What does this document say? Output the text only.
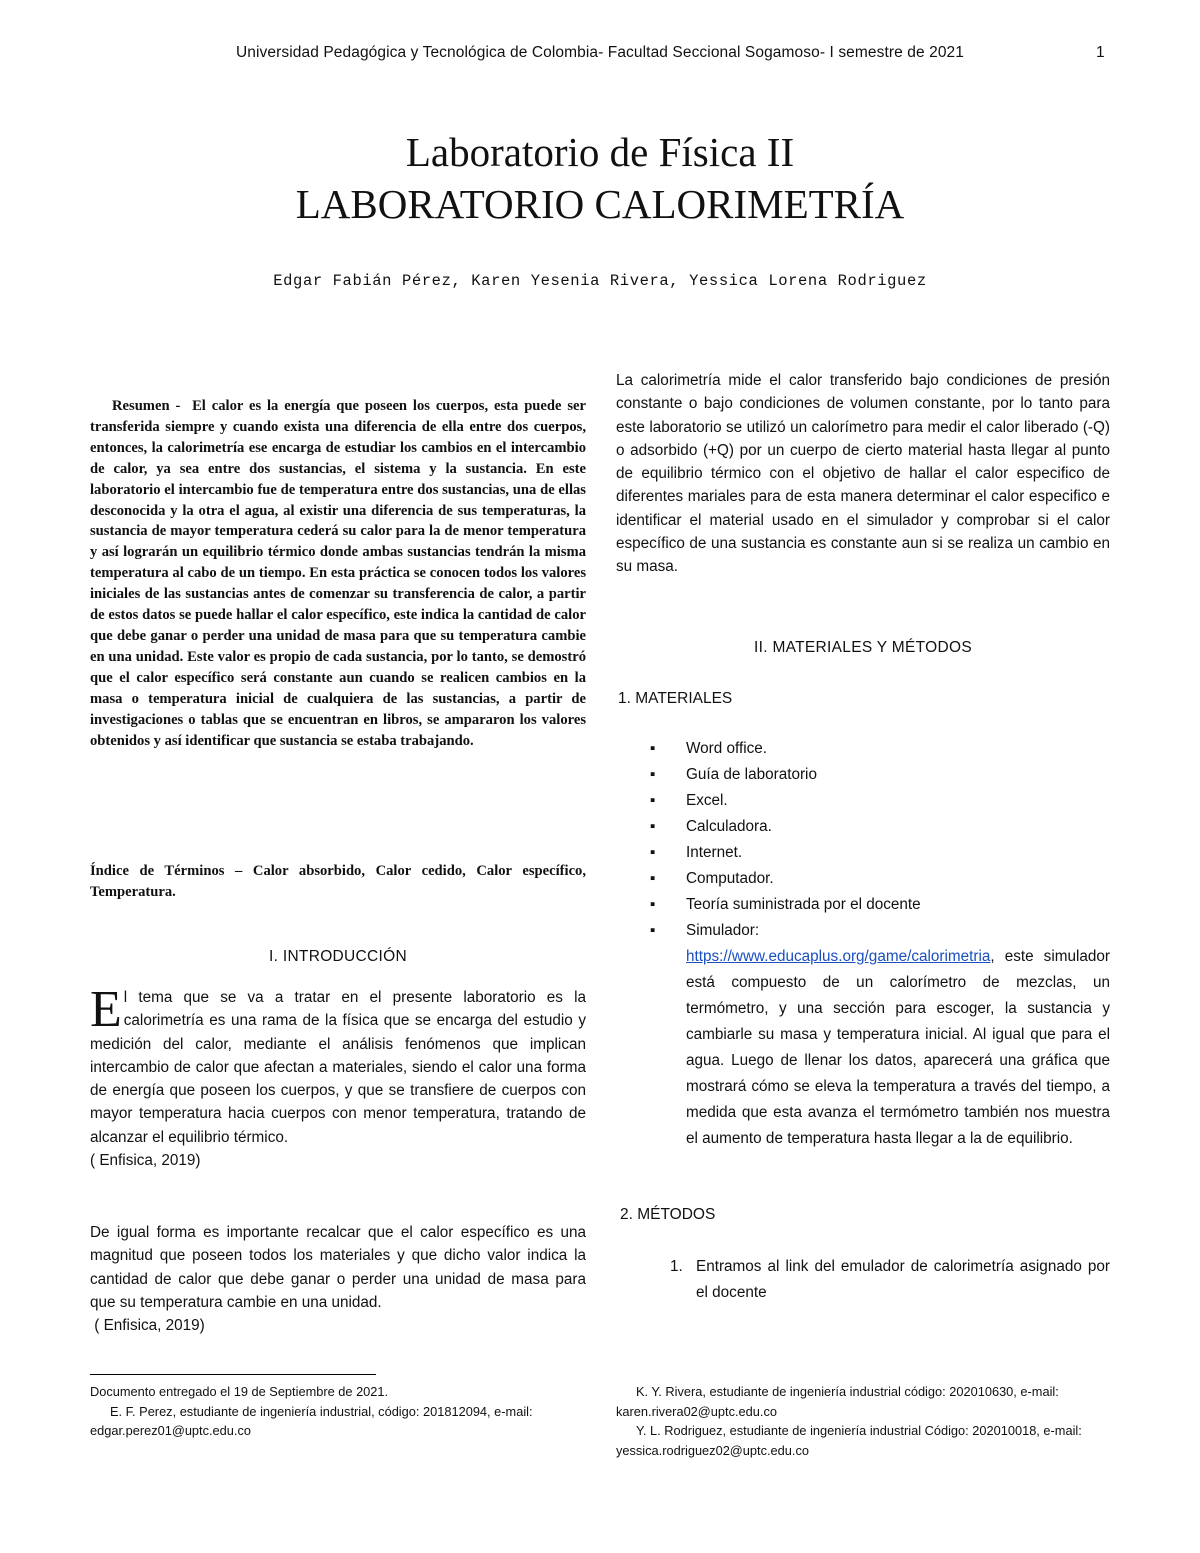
Universidad Pedagógica y Tecnológica de Colombia- Facultad Seccional Sogamoso- I semestre de 2021	1
Laboratorio de Física II
LABORATORIO CALORIMETRÍA
Edgar Fabián Pérez, Karen Yesenia Rivera, Yessica Lorena Rodriguez
Resumen - El calor es la energía que poseen los cuerpos, esta puede ser transferida siempre y cuando exista una diferencia de ella entre dos cuerpos, entonces, la calorimetría ese encarga de estudiar los cambios en el intercambio de calor, ya sea entre dos sustancias, el sistema y la sustancia. En este laboratorio el intercambio fue de temperatura entre dos sustancias, una de ellas desconocida y la otra el agua, al existir una diferencia de sus temperaturas, la sustancia de mayor temperatura cederá su calor para la de menor temperatura y así lograrán un equilibrio térmico donde ambas sustancias tendrán la misma temperatura al cabo de un tiempo. En esta práctica se conocen todos los valores iniciales de las sustancias antes de comenzar su transferencia de calor, a partir de estos datos se puede hallar el calor específico, este indica la cantidad de calor que debe ganar o perder una unidad de masa para que su temperatura cambie en una unidad. Este valor es propio de cada sustancia, por lo tanto, se demostró que el calor específico será constante aun cuando se realicen cambios en la masa o temperatura inicial de cualquiera de las sustancias, a partir de investigaciones o tablas que se encuentran en libros, se ampararon los valores obtenidos y así identificar que sustancia se estaba trabajando.
Índice de Términos – Calor absorbido, Calor cedido, Calor específico, Temperatura.
I. INTRODUCCIÓN
El tema que se va a tratar en el presente laboratorio es la calorimetría es una rama de la física que se encarga del estudio y medición del calor, mediante el análisis fenómenos que implican intercambio de calor que afectan a materiales, siendo el calor una forma de energía que poseen los cuerpos, y que se transfiere de cuerpos con mayor temperatura hacia cuerpos con menor temperatura, tratando de alcanzar el equilibrio térmico.
( Enfisica, 2019)
De igual forma es importante recalcar que el calor específico es una magnitud que poseen todos los materiales y que dicho valor indica la cantidad de calor que debe ganar o perder una unidad de masa para que su temperatura cambie en una unidad.
( Enfisica, 2019)
La calorimetría mide el calor transferido bajo condiciones de presión constante o bajo condiciones de volumen constante, por lo tanto para este laboratorio se utilizó un calorímetro para medir el calor liberado (-Q) o adsorbido (+Q) por un cuerpo de cierto material hasta llegar al punto de equilibrio térmico con el objetivo de hallar el calor especifico de diferentes mariales para de esta manera determinar el calor especifico e identificar el material usado en el simulador y comprobar si el calor específico de una sustancia es constante aun si se realiza un cambio en su masa.
II. MATERIALES Y MÉTODOS
1. MATERIALES
▪ Word office.
▪ Guía de laboratorio
▪ Excel.
▪ Calculadora.
▪ Internet.
▪ Computador.
▪ Teoría suministrada por el docente
▪ Simulador:

https://www.educaplus.org/game/calorimetria, este simulador está compuesto de un calorímetro de mezclas, un termómetro, y una sección para escoger, la sustancia y cambiarle su masa y temperatura inicial. Al igual que para el agua. Luego de llenar los datos, aparecerá una gráfica que mostrará cómo se eleva la temperatura a través del tiempo, a medida que esta avanza el termómetro también nos muestra el aumento de temperatura hasta llegar a la de equilibrio.
2. MÉTODOS
1. Entramos al link del emulador de calorimetría asignado por el docente
Documento entregado el 19 de Septiembre de 2021.
E. F. Perez, estudiante de ingeniería industrial, código: 201812094, e-mail: edgar.perez01@uptc.edu.co
K. Y. Rivera, estudiante de ingeniería industrial código: 202010630, e-mail: karen.rivera02@uptc.edu.co
Y. L. Rodriguez, estudiante de ingeniería industrial Código: 202010018, e-mail: yessica.rodriguez02@uptc.edu.co
